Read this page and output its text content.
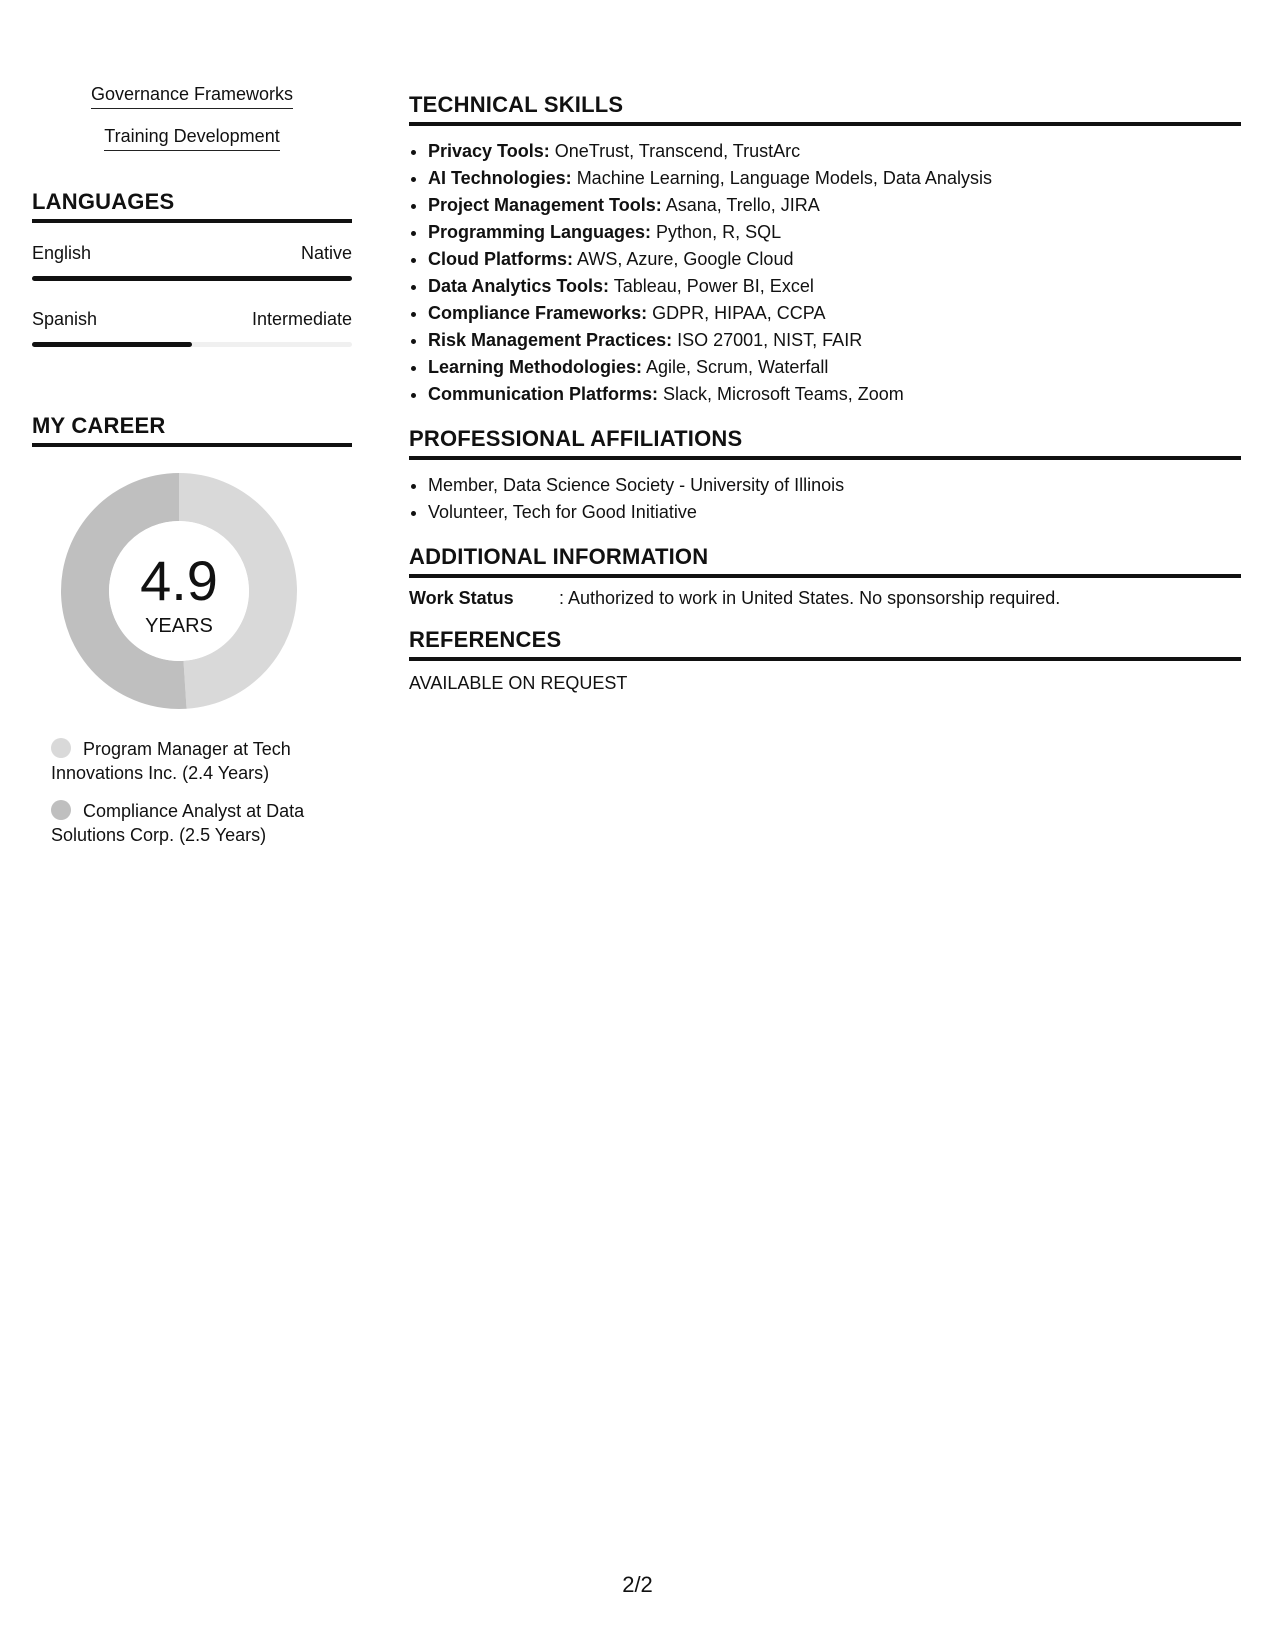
Governance Frameworks
Training Development
LANGUAGES
English	Native
Spanish	Intermediate
MY CAREER
4.9
YEARS
Program Manager at Tech Innovations Inc. (2.4 Years)
Compliance Analyst at Data Solutions Corp. (2.5 Years)
TECHNICAL SKILLS
• Privacy Tools: OneTrust, Transcend, TrustArc
• AI Technologies: Machine Learning, Language Models, Data Analysis
• Project Management Tools: Asana, Trello, JIRA
• Programming Languages: Python, R, SQL
• Cloud Platforms: AWS, Azure, Google Cloud
• Data Analytics Tools: Tableau, Power BI, Excel
• Compliance Frameworks: GDPR, HIPAA, CCPA
• Risk Management Practices: ISO 27001, NIST, FAIR
• Learning Methodologies: Agile, Scrum, Waterfall
• Communication Platforms: Slack, Microsoft Teams, Zoom
PROFESSIONAL AFFILIATIONS
• Member, Data Science Society - University of Illinois
• Volunteer, Tech for Good Initiative
ADDITIONAL INFORMATION
Work Status	: Authorized to work in United States. No sponsorship required.
REFERENCES
AVAILABLE ON REQUEST
2/2
